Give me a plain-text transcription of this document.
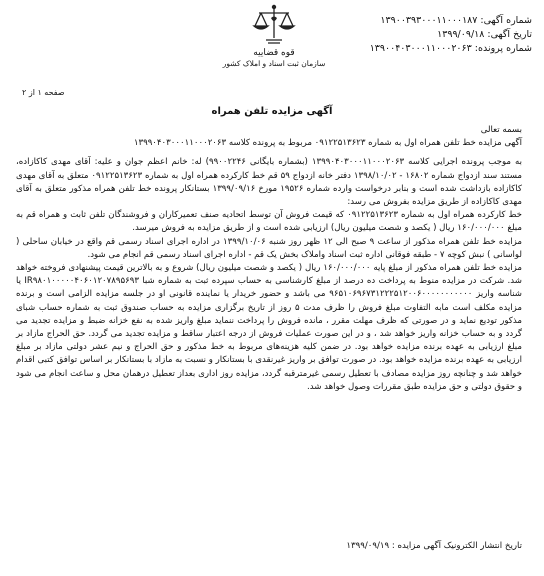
شماره آگهی: ۱۳۹۰۰۳۹۳۰۰۰۱۱۰۰۰۱۸۷
تاریخ آگهی: ۱۳۹۹/۰۹/۱۸
شماره پرونده: ۱۳۹۰۰۴۰۳۰۰۰۱۱۰۰۰۲۰۶۳
قوه قضاییه
سازمان ثبت اسناد و املاک کشور
صفحه ۱ از ۲
آگهی مزایده تلفن همراه

بسمه تعالی

آگهی مزایده خط تلفن همراه اول به شماره ۰۹۱۲۲۵۱۳۶۲۳ مربوط به پرونده کلاسه ۱۳۹۹۰۴۰۳۰۰۰۱۱۰۰۰۲۰۶۳

به موجب پرونده اجرایی کلاسه ۱۳۹۹۰۴۰۳۰۰۰۱۱۰۰۰۲۰۶۳ (بشماره بایگانی ۹۹۰۰۲۲۴۶) له: خانم اعظم جوان و علیه: آقای مهدی کاکازاده، مستند سند ازدواج شماره ۱۶۸۰۲ - ۱۳۹۸/۱۰/۰۲ دفتر خانه ازدواج ۵۹ قم خط کارکرده همراه اول به شماره ۰۹۱۲۲۵۱۳۶۲۳ متعلق به آقای مهدی کاکازاده بازداشت شده است و بنابر درخواست وارده شماره ۱۹۵۲۶ مورخ ۱۳۹۹/۰۹/۱۶ بستانکار پرونده خط تلفن همراه مذکور متعلق به آقای مهدی کاکازاده از طریق مزایده بفروش می رسد:

خط کارکرده همراه اول به شماره ۰۹۱۲۲۵۱۳۶۲۳ که قیمت فروش آن توسط اتحادیه صنف تعمیرکاران و فروشندگان تلفن ثابت و همراه قم به مبلغ ۱۶۰/۰۰۰/۰۰۰ ریال ( یکصد و شصت میلیون ریال) ارزیابی شده است و از طریق مزایده به فروش میرسد.

مزایده خط تلفن همراه مذکور از ساعت ۹ صبح الی ۱۲ ظهر روز شنبه ۱۳۹۹/۱۰/۰۶ در اداره اجرای اسناد رسمی قم واقع در خیابان ساحلی ( لواسانی ) نبش کوچه ۷ - طبقه فوقانی اداره ثبت اسناد واملاک بخش یک قم - اداره اجرای اسناد رسمی قم انجام می شود.

مزایده خط تلفن همراه مذکور از مبلغ پایه ۱۶۰/۰۰۰/۰۰۰ ریال ( یکصد و شصت میلیون ریال) شروع و به بالاترین قیمت پیشنهادی فروخته خواهد شد. شرکت در مزایده منوط به پرداخت ده درصد از مبلغ کارشناسی به حساب سپرده ثبت به شماره شبا IR۹۸۰۱۰۰۰۰۰۴۰۶۰۱۲۰۷۸۹۵۶۹۳ یا شناسه واریز ۹۶۵۱۰۶۹۶۷۳۱۲۲۲۵۱۲۰۰۶۰۰۰۰۰۰۰۰۰۰۰ می باشد و حضور خریدار یا نماینده قانونی او در جلسه مزایده الزامی است و برنده مزایده مکلف است مابه التفاوت مبلغ فروش را ظرف مدت ۵ روز از تاریخ برگزاری مزایده به حساب صندوق ثبت به شماره حساب شبای مذکور تودیع نماید و در صورتی که ظرف مهلت مقرر ، مانده فروش را پرداخت ننماید مبلغ واریز شده به نفع خزانه ضبط و مزایده تجدید می گردد و به حساب خزانه واریز خواهد شد ، و در این صورت عملیات فروش از درجه اعتبار ساقط و مزایده تجدید می گردد. حق الحراج مازاد بر مبلغ ارزیابی به عهده برنده مزایده خواهد بود. در ضمن کلیه هزینه‌های مربوط به خط مذکور و حق الحراج و نیم عشر دولتی مازاد بر مبلغ ارزیابی به عهده برنده مزایده خواهد بود. در صورت توافق بر واریز غیرنقدی با بستانکار و نسبت به مازاد با بستانکار بر اساس توافق کتبی اقدام خواهد شد و چنانچه روز مزایده مصادف با تعطیل رسمی غیرمترقبه گردد، مزایده روز اداری بعداز تعطیل درهمان محل و ساعت انجام می شود و حقوق دولتی و حق مزایده طبق مقررات وصول خواهد شد.

تاریخ انتشار الکترونیک آگهی مزایده : ۱۳۹۹/۰۹/۱۹
